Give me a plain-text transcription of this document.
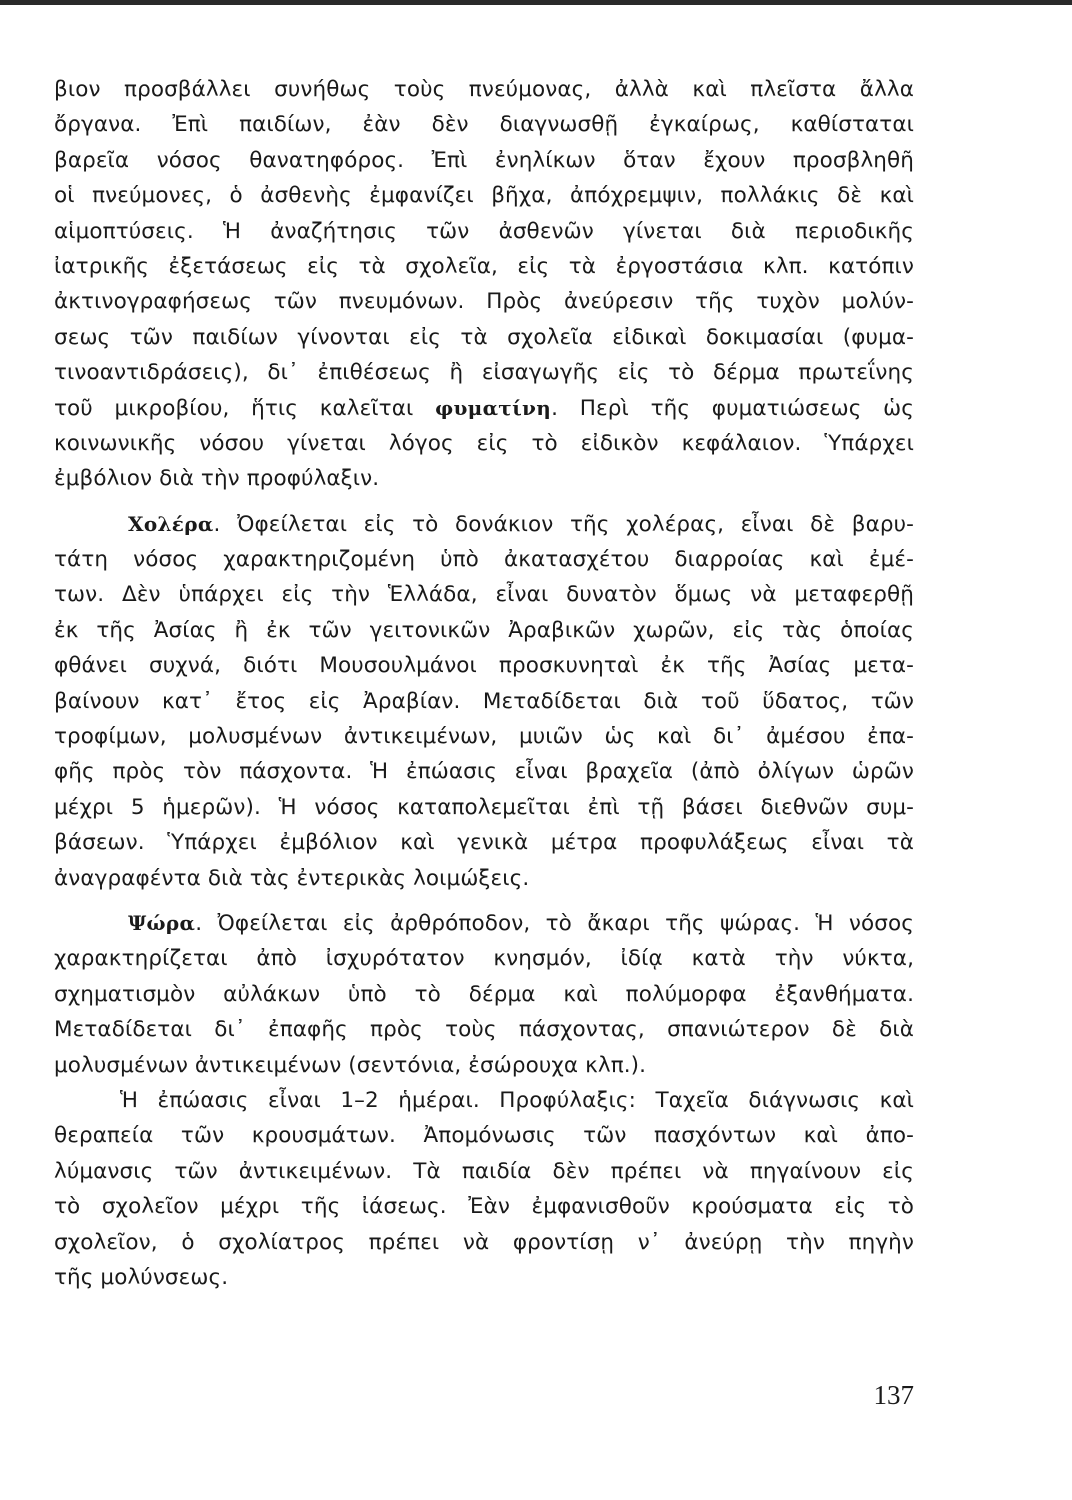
βιον προσβάλλει συνήθως τοὺς πνεύμονας, ἀλλὰ καὶ πλεῖστα ἄλλα
ὄργανα. Ἐπὶ παιδίων, ἐὰν δὲν διαγνωσθῇ ἐγκαίρως, καθίσταται
βαρεῖα νόσος θανατηφόρος. Ἐπὶ ἐνηλίκων ὅταν ἔχουν προσβληθῆ
οἱ πνεύμονες, ὁ ἀσθενὴς ἐμφανίζει βῆχα, ἀπόχρεμψιν, πολλάκις δὲ καὶ
αἱμοπτύσεις. Ἡ ἀναζήτησις τῶν ἀσθενῶν γίνεται διὰ περιοδικῆς
ἰατρικῆς ἐξετάσεως εἰς τὰ σχολεῖα, εἰς τὰ ἐργοστάσια κλπ. κατόπιν
ἀκτινογραφήσεως τῶν πνευμόνων. Πρὸς ἀνεύρεσιν τῆς τυχὸν μολύν-
σεως τῶν παιδίων γίνονται εἰς τὰ σχολεῖα εἰδικαὶ δοκιμασίαι (φυμα-
τινοαντιδράσεις), δι᾿ ἐπιθέσεως ἢ εἰσαγωγῆς εἰς τὸ δέρμα πρωτεΐνης
τοῦ μικροβίου, ἥτις καλεῖται φυματίνη. Περὶ τῆς φυματιώσεως ὡς
κοινωνικῆς νόσου γίνεται λόγος εἰς τὸ εἰδικὸν κεφάλαιον. Ὑπάρχει
ἐμβόλιον διὰ τὴν προφύλαξιν.
Χολέρα. Ὀφείλεται εἰς τὸ δονάκιον τῆς χολέρας, εἶναι δὲ βαρυ-
τάτη νόσος χαρακτηριζομένη ὑπὸ ἀκατασχέτου διαρροίας καὶ ἐμέ-
των. Δὲν ὑπάρχει εἰς τὴν Ἑλλάδα, εἶναι δυνατὸν ὅμως νὰ μεταφερθῇ
ἐκ τῆς Ἀσίας ἢ ἐκ τῶν γειτονικῶν Ἀραβικῶν χωρῶν, εἰς τὰς ὁποίας
φθάνει συχνά, διότι Μουσουλμάνοι προσκυνηταὶ ἐκ τῆς Ἀσίας μετα-
βαίνουν κατ᾿ ἔτος εἰς Ἀραβίαν. Μεταδίδεται διὰ τοῦ ὕδατος, τῶν
τροφίμων, μολυσμένων ἀντικειμένων, μυιῶν ὡς καὶ δι᾿ ἀμέσου ἐπα-
φῆς πρὸς τὸν πάσχοντα. Ἡ ἐπώασις εἶναι βραχεῖα (ἀπὸ ὀλίγων ὡρῶν
μέχρι 5 ἡμερῶν). Ἡ νόσος καταπολεμεῖται ἐπὶ τῇ βάσει διεθνῶν συμ-
βάσεων. Ὑπάρχει ἐμβόλιον καὶ γενικὰ μέτρα προφυλάξεως εἶναι τὰ
ἀναγραφέντα διὰ τὰς ἐντερικὰς λοιμώξεις.
Ψώρα. Ὀφείλεται εἰς ἀρθρόποδον, τὸ ἄκαρι τῆς ψώρας. Ἡ νόσος
χαρακτηρίζεται ἀπὸ ἰσχυρότατον κνησμόν, ἰδίᾳ κατὰ τὴν νύκτα,
σχηματισμὸν αὐλάκων ὑπὸ τὸ δέρμα καὶ πολύμορφα ἐξανθήματα.
Μεταδίδεται δι᾿ ἐπαφῆς πρὸς τοὺς πάσχοντας, σπανιώτερον δὲ διὰ
μολυσμένων ἀντικειμένων (σεντόνια, ἐσώρουχα κλπ.).
Ἡ ἐπώασις εἶναι 1–2 ἡμέραι. Προφύλαξις: Ταχεῖα διάγνωσις καὶ
θεραπεία τῶν κρουσμάτων. Ἀπομόνωσις τῶν πασχόντων καὶ ἀπο-
λύμανσις τῶν ἀντικειμένων. Τὰ παιδία δὲν πρέπει νὰ πηγαίνουν εἰς
τὸ σχολεῖον μέχρι τῆς ἰάσεως. Ἐὰν ἐμφανισθοῦν κρούσματα εἰς τὸ
σχολεῖον, ὁ σχολίατρος πρέπει νὰ φροντίσῃ ν᾿ ἀνεύρῃ τὴν πηγὴν
τῆς μολύνσεως.
137
